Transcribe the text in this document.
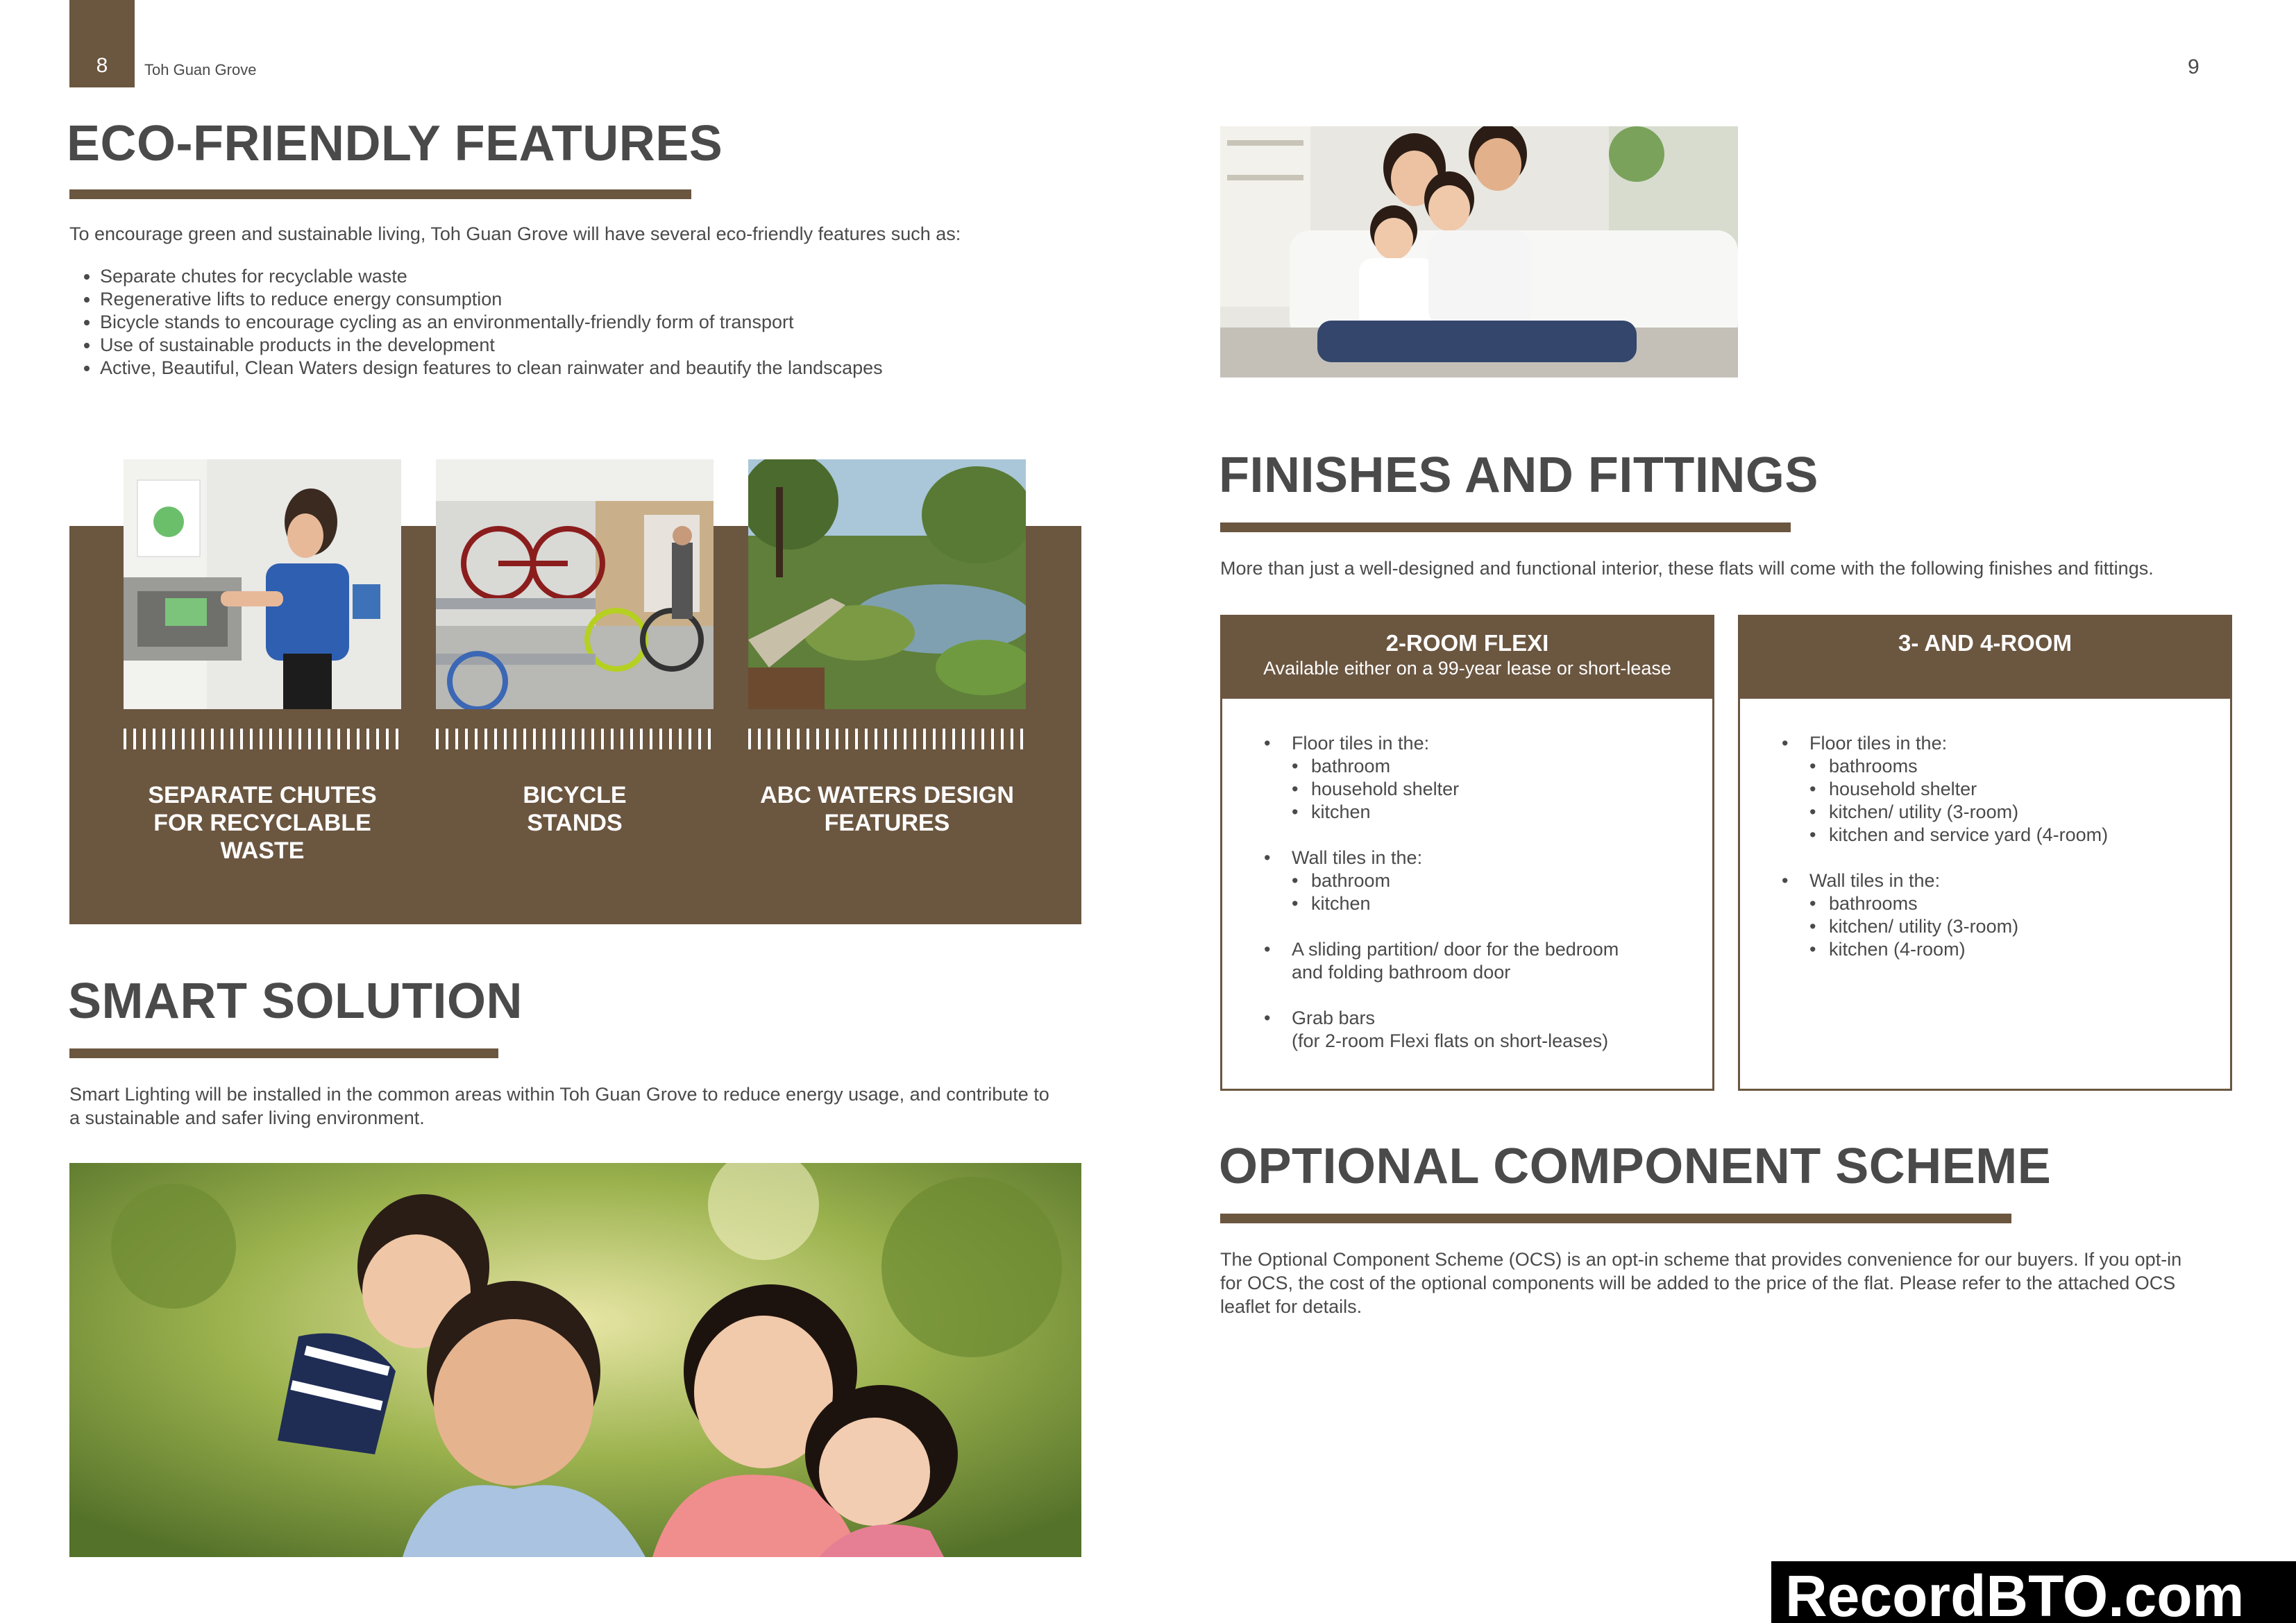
8	Toh Guan Grove	9
ECO-FRIENDLY FEATURES
To encourage green and sustainable living, Toh Guan Grove will have several eco-friendly features such as:
• Separate chutes for recyclable waste
• Regenerative lifts to reduce energy consumption
• Bicycle stands to encourage cycling as an environmentally-friendly form of transport
• Use of sustainable products in the development
• Active, Beautiful, Clean Waters design features to clean rainwater and beautify the landscapes
SEPARATE CHUTES
FOR RECYCLABLE
WASTE
BICYCLE
STANDS
ABC WATERS DESIGN
FEATURES
SMART SOLUTION
Smart Lighting will be installed in the common areas within Toh Guan Grove to reduce energy usage, and contribute to
a sustainable and safer living environment.
FINISHES AND FITTINGS
More than just a well-designed and functional interior, these flats will come with the following finishes and fittings.
2-ROOM FLEXI
Available either on a 99-year lease or short-lease
• Floor tiles in the:
• bathroom
• household shelter
• kitchen
• Wall tiles in the:
• bathroom
• kitchen
• A sliding partition/ door for the bedroom
and folding bathroom door
• Grab bars
(for 2-room Flexi flats on short-leases)
3- AND 4-ROOM
• Floor tiles in the:
• bathrooms
• household shelter
• kitchen/ utility (3-room)
• kitchen and service yard (4-room)
• Wall tiles in the:
• bathrooms
• kitchen/ utility (3-room)
• kitchen (4-room)
OPTIONAL COMPONENT SCHEME
The Optional Component Scheme (OCS) is an opt-in scheme that provides convenience for our buyers. If you opt-in
for OCS, the cost of the optional components will be added to the price of the flat. Please refer to the attached OCS
leaflet for details.
RecordBTO.com
